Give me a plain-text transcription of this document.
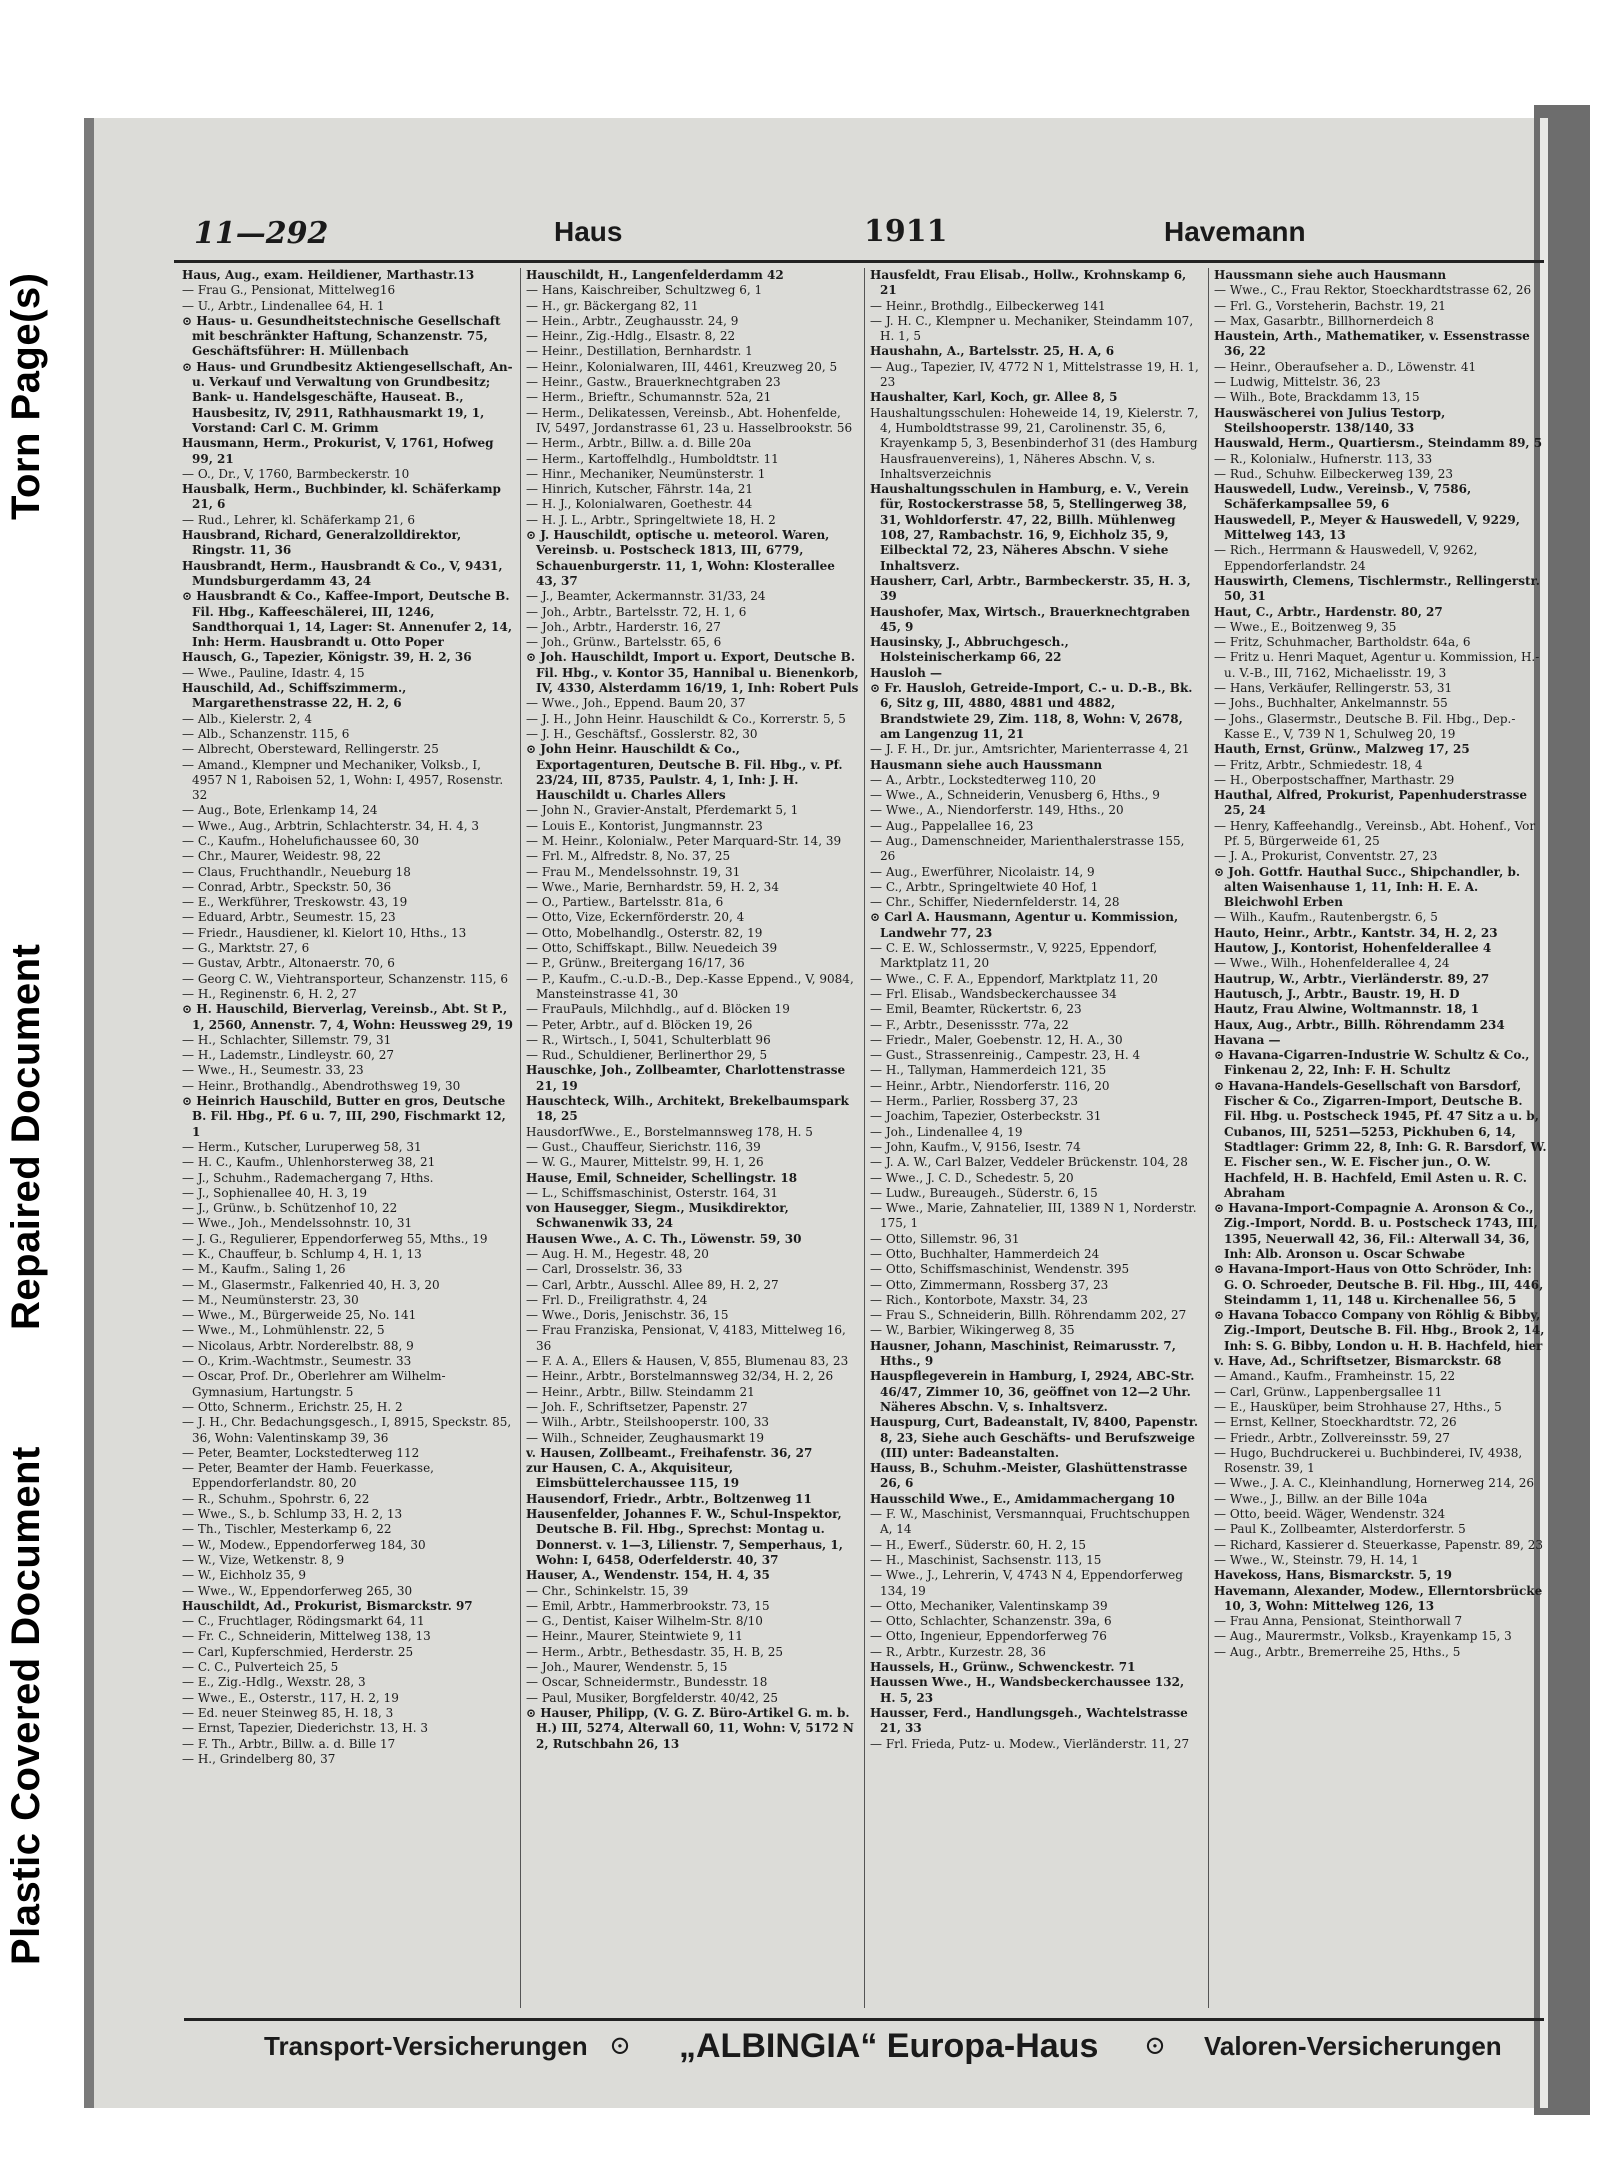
Plastic Covered Document
Repaired Document
Torn Page(s)
11—292	Haus	1911	Havemann

Haus, Aug., exam. Heildiener, Marthastr.13

— Frau G., Pensionat, Mittelweg16

— U., Arbtr., Lindenallee 64, H. 1

⊙ Haus- u. Gesundheitstechnische Gesellschaft mit beschränkter Haftung, Schanzenstr. 75, Geschäftsführer: H. Müllenbach

⊙ Haus- und Grundbesitz Aktiengesellschaft, An- u. Verkauf und Verwaltung von Grundbesitz; Bank- u. Handelsgeschäfte, Hauseat. B., Hausbesitz, IV, 2911, Rathhausmarkt 19, 1, Vorstand: Carl C. M. Grimm

Hausmann, Herm., Prokurist, V, 1761, Hofweg 99, 21

— O., Dr., V, 1760, Barmbeckerstr. 10

Hausbalk, Herm., Buchbinder, kl. Schäferkamp 21, 6

— Rud., Lehrer, kl. Schäferkamp 21, 6

Hausbrand, Richard, Generalzolldirektor, Ringstr. 11, 36

Hausbrandt, Herm., Hausbrandt & Co., V, 9431, Mundsburgerdamm 43, 24

⊙ Hausbrandt & Co., Kaffee-Import, Deutsche B. Fil. Hbg., Kaffeeschälerei, III, 1246, Sandthorquai 1, 14, Lager: St. Annenufer 2, 14, Inh: Herm. Hausbrandt u. Otto Poper

Hausch, G., Tapezier, Königstr. 39, H. 2, 36

— Wwe., Pauline, Idastr. 4, 15

Hauschild, Ad., Schiffszimmerm., Margarethenstrasse 22, H. 2, 6

— Alb., Kielerstr. 2, 4

— Alb., Schanzenstr. 115, 6

— Albrecht, Obersteward, Rellingerstr. 25

— Amand., Klempner und Mechaniker, Volksb., I, 4957 N 1, Raboisen 52, 1, Wohn: I, 4957, Rosenstr. 32

— Aug., Bote, Erlenkamp 14, 24

— Wwe., Aug., Arbtrin, Schlachterstr. 34, H. 4, 3

— C., Kaufm., Hohelufichaussee 60, 30

— Chr., Maurer, Weidestr. 98, 22

— Claus, Fruchthandlr., Neueburg 18

— Conrad, Arbtr., Speckstr. 50, 36

— E., Werkführer, Treskowstr. 43, 19

— Eduard, Arbtr., Seumestr. 15, 23

— Friedr., Hausdiener, kl. Kielort 10, Hths., 13

— G., Marktstr. 27, 6

— Gustav, Arbtr., Altonaerstr. 70, 6

— Georg C. W., Viehtransporteur, Schanzenstr. 115, 6

— H., Reginenstr. 6, H. 2, 27

⊙ H. Hauschild, Bierverlag, Vereinsb., Abt. St P., 1, 2560, Annenstr. 7, 4, Wohn: Heussweg 29, 19

— H., Schlachter, Sillemstr. 79, 31

— H., Lademstr., Lindleystr. 60, 27

— Wwe., H., Seumestr. 33, 23

— Heinr., Brothandlg., Abendrothsweg 19, 30

⊙ Heinrich Hauschild, Butter en gros, Deutsche B. Fil. Hbg., Pf. 6 u. 7, III, 290, Fischmarkt 12, 1

— Herm., Kutscher, Luruperweg 58, 31

— H. C., Kaufm., Uhlenhorsterweg 38, 21

— J., Schuhm., Rademachergang 7, Hths.

— J., Sophienallee 40, H. 3, 19

— J., Grünw., b. Schützenhof 10, 22

— Wwe., Joh., Mendelssohnstr. 10, 31

— J. G., Regulierer, Eppendorferweg 55, Mths., 19

— K., Chauffeur, b. Schlump 4, H. 1, 13

— M., Kaufm., Saling 1, 26

— M., Glasermstr., Falkenried 40, H. 3, 20

— M., Neumünsterstr. 23, 30

— Wwe., M., Bürgerweide 25, No. 141

— Wwe., M., Lohmühlenstr. 22, 5

— Nicolaus, Arbtr. Norderelbstr. 88, 9

— O., Krim.-Wachtmstr., Seumestr. 33

— Oscar, Prof. Dr., Oberlehrer am Wilhelm-Gymnasium, Hartungstr. 5

— Otto, Schnerm., Erichstr. 25, H. 2

— J. H., Chr. Bedachungsgesch., I, 8915, Speckstr. 85, 36, Wohn: Valentinskamp 39, 36

— Peter, Beamter, Lockstedterweg 112

— Peter, Beamter der Hamb. Feuerkasse, Eppendorferlandstr. 80, 20

— R., Schuhm., Spohrstr. 6, 22

— Wwe., S., b. Schlump 33, H. 2, 13

— Th., Tischler, Mesterkamp 6, 22

— W., Modew., Eppendorferweg 184, 30

— W., Vize, Wetkenstr. 8, 9

— W., Eichholz 35, 9

— Wwe., W., Eppendorferweg 265, 30

Hauschildt, Ad., Prokurist, Bismarckstr. 97

— C., Fruchtlager, Rödingsmarkt 64, 11

— Fr. C., Schneiderin, Mittelweg 138, 13

— Carl, Kupferschmied, Herderstr. 25

— C. C., Pulverteich 25, 5

— E., Zig.-Hdlg., Wexstr. 28, 3

— Wwe., E., Osterstr., 117, H. 2, 19

— Ed. neuer Steinweg 85, H. 18, 3

— Ernst, Tapezier, Diederichstr. 13, H. 3

— F. Th., Arbtr., Billw. a. d. Bille 17

— H., Grindelberg 80, 37

Hauschildt, H., Langenfelderdamm 42

— Hans, Kaischreiber, Schultzweg 6, 1

— H., gr. Bäckergang 82, 11

— Hein., Arbtr., Zeughausstr. 24, 9

— Heinr., Zig.-Hdlg., Elsastr. 8, 22

— Heinr., Destillation, Bernhardstr. 1

— Heinr., Kolonialwaren, III, 4461, Kreuzweg 20, 5

— Heinr., Gastw., Brauerknechtgraben 23

— Herm., Brieftr., Schumannstr. 52a, 21

— Herm., Delikatessen, Vereinsb., Abt. Hohenfelde, IV, 5497, Jordanstrasse 61, 23 u. Hasselbrookstr. 56

— Herm., Arbtr., Billw. a. d. Bille 20a

— Herm., Kartoffelhdlg., Humboldtstr. 11

— Hinr., Mechaniker, Neumünsterstr. 1

— Hinrich, Kutscher, Fährstr. 14a, 21

— H. J., Kolonialwaren, Goethestr. 44

— H. J. L., Arbtr., Springeltwiete 18, H. 2

⊙ J. Hauschildt, optische u. meteorol. Waren, Vereinsb. u. Postscheck 1813, III, 6779, Schauenburgerstr. 11, 1, Wohn: Klosterallee 43, 37

— J., Beamter, Ackermannstr. 31/33, 24

— Joh., Arbtr., Bartelsstr. 72, H. 1, 6

— Joh., Arbtr., Harderstr. 16, 27

— Joh., Grünw., Bartelsstr. 65, 6

⊙ Joh. Hauschildt, Import u. Export, Deutsche B. Fil. Hbg., v. Kontor 35, Hannibal u. Bienenkorb, IV, 4330, Alsterdamm 16/19, 1, Inh: Robert Puls

— Wwe., Joh., Eppend. Baum 20, 37

— J. H., John Heinr. Hauschildt & Co., Korrerstr. 5, 5

— J. H., Geschäftsf., Gosslerstr. 82, 30

⊙ John Heinr. Hauschildt & Co., Exportagenturen, Deutsche B. Fil. Hbg., v. Pf. 23/24, III, 8735, Paulstr. 4, 1, Inh: J. H. Hauschildt u. Charles Allers

— John N., Gravier-Anstalt, Pferdemarkt 5, 1

— Louis E., Kontorist, Jungmannstr. 23

— M. Heinr., Kolonialw., Peter Marquard-Str. 14, 39

— Frl. M., Alfredstr. 8, No. 37, 25

— Frau M., Mendelssohnstr. 19, 31

— Wwe., Marie, Bernhardstr. 59, H. 2, 34

— O., Partiew., Bartelsstr. 81a, 6

— Otto, Vize, Eckernförderstr. 20, 4

— Otto, Mobelhandlg., Osterstr. 82, 19

— Otto, Schiffskapt., Billw. Neuedeich 39

— P., Grünw., Breitergang 16/17, 36

— P., Kaufm., C.-u.D.-B., Dep.-Kasse Eppend., V, 9084, Mansteinstrasse 41, 30

— FrauPauls, Milchhdlg., auf d. Blöcken 19

— Peter, Arbtr., auf d. Blöcken 19, 26

— R., Wirtsch., I, 5041, Schulterblatt 96

— Rud., Schuldiener, Berlinerthor 29, 5

Hauschke, Joh., Zollbeamter, Charlottenstrasse 21, 19

Hauschteck, Wilh., Architekt, Brekelbaumspark 18, 25

HausdorfWwe., E., Borstelmannsweg 178, H. 5

— Gust., Chauffeur, Sierichstr. 116, 39

— W. G., Maurer, Mittelstr. 99, H. 1, 26

Hause, Emil, Schneider, Schellingstr. 18

— L., Schiffsmaschinist, Osterstr. 164, 31

von Hausegger, Siegm., Musikdirektor, Schwanenwik 33, 24

Hausen Wwe., A. C. Th., Löwenstr. 59, 30

— Aug. H. M., Hegestr. 48, 20

— Carl, Drosselstr. 36, 33

— Carl, Arbtr., Ausschl. Allee 89, H. 2, 27

— Frl. D., Freiligrathstr. 4, 24

— Wwe., Doris, Jenischstr. 36, 15

— Frau Franziska, Pensionat, V, 4183, Mittelweg 16, 36

— F. A. A., Ellers & Hausen, V, 855, Blumenau 83, 23

— Heinr., Arbtr., Borstelmannsweg 32/34, H. 2, 26

— Heinr., Arbtr., Billw. Steindamm 21

— Joh. F., Schriftsetzer, Papenstr. 27

— Wilh., Arbtr., Steilshooperstr. 100, 33

— Wilh., Schneider, Zeughausmarkt 19

v. Hausen, Zollbeamt., Freihafenstr. 36, 27

zur Hausen, C. A., Akquisiteur, Eimsbüttelerchaussee 115, 19

Hausendorf, Friedr., Arbtr., Boltzenweg 11

Hausenfelder, Johannes F. W., Schul-Inspektor, Deutsche B. Fil. Hbg., Sprechst: Montag u. Donnerst. v. 1—3, Lilienstr. 7, Semperhaus, 1, Wohn: I, 6458, Oderfelderstr. 40, 37

Hauser, A., Wendenstr. 154, H. 4, 35

— Chr., Schinkelstr. 15, 39

— Emil, Arbtr., Hammerbrookstr. 73, 15

— G., Dentist, Kaiser Wilhelm-Str. 8/10

— Heinr., Maurer, Steintwiete 9, 11

— Herm., Arbtr., Bethesdastr. 35, H. B, 25

— Joh., Maurer, Wendenstr. 5, 15

— Oscar, Schneidermstr., Bundesstr. 18

— Paul, Musiker, Borgfelderstr. 40/42, 25

⊙ Hauser, Philipp, (V. G. Z. Büro-Artikel G. m. b. H.) III, 5274, Alterwall 60, 11, Wohn: V, 5172 N 2, Rutschbahn 26, 13

Hausfeldt, Frau Elisab., Hollw., Krohnskamp 6, 21

— Heinr., Brothdlg., Eilbeckerweg 141

— J. H. C., Klempner u. Mechaniker, Steindamm 107, H. 1, 5

Haushahn, A., Bartelsstr. 25, H. A, 6

— Aug., Tapezier, IV, 4772 N 1, Mittelstrasse 19, H. 1, 23

Haushalter, Karl, Koch, gr. Allee 8, 5

Haushaltungsschulen: Hoheweide 14, 19, Kielerstr. 7, 4, Humboldtstrasse 99, 21, Carolinenstr. 35, 6, Krayenkamp 5, 3, Besenbinderhof 31 (des Hamburg Hausfrauenvereins), 1, Näheres Abschn. V, s. Inhaltsverzeichnis

Haushaltungsschulen in Hamburg, e. V., Verein für, Rostockerstrasse 58, 5, Stellingerweg 38, 31, Wohldorferstr. 47, 22, Billh. Mühlenweg 108, 27, Rambachstr. 16, 9, Eichholz 35, 9, Eilbecktal 72, 23, Näheres Abschn. V siehe Inhaltsverz.

Hausherr, Carl, Arbtr., Barmbeckerstr. 35, H. 3, 39

Haushofer, Max, Wirtsch., Brauerknechtgraben 45, 9

Hausinsky, J., Abbruchgesch., Holsteinischerkamp 66, 22

Hausloh —

⊙ Fr. Hausloh, Getreide-Import, C.- u. D.-B., Bk. 6, Sitz g, III, 4880, 4881 und 4882, Brandstwiete 29, Zim. 118, 8, Wohn: V, 2678, am Langenzug 11, 21

— J. F. H., Dr. jur., Amtsrichter, Marienterrasse 4, 21

Hausmann siehe auch Haussmann

— A., Arbtr., Lockstedterweg 110, 20

— Wwe., A., Schneiderin, Venusberg 6, Hths., 9

— Wwe., A., Niendorferstr. 149, Hths., 20

— Aug., Pappelallee 16, 23

— Aug., Damenschneider, Marienthalerstrasse 155, 26

— Aug., Ewerführer, Nicolaistr. 14, 9

— C., Arbtr., Springeltwiete 40 Hof, 1

— Chr., Schiffer, Niedernfelderstr. 14, 28

⊙ Carl A. Hausmann, Agentur u. Kommission, Landwehr 77, 23

— C. E. W., Schlossermstr., V, 9225, Eppendorf, Marktplatz 11, 20

— Wwe., C. F. A., Eppendorf, Marktplatz 11, 20

— Frl. Elisab., Wandsbeckerchaussee 34

— Emil, Beamter, Rückertstr. 6, 23

— F., Arbtr., Desenissstr. 77a, 22

— Friedr., Maler, Goebenstr. 12, H. A., 30

— Gust., Strassenreinig., Campestr. 23, H. 4

— H., Tallyman, Hammerdeich 121, 35

— Heinr., Arbtr., Niendorferstr. 116, 20

— Herm., Parlier, Rossberg 37, 23

— Joachim, Tapezier, Osterbeckstr. 31

— Joh., Lindenallee 4, 19

— John, Kaufm., V, 9156, Isestr. 74

— J. A. W., Carl Balzer, Veddeler Brückenstr. 104, 28

— Wwe., J. C. D., Schedestr. 5, 20

— Ludw., Bureaugeh., Süderstr. 6, 15

— Wwe., Marie, Zahnatelier, III, 1389 N 1, Norderstr. 175, 1

— Otto, Sillemstr. 96, 31

— Otto, Buchhalter, Hammerdeich 24

— Otto, Schiffsmaschinist, Wendenstr. 395

— Otto, Zimmermann, Rossberg 37, 23

— Rich., Kontorbote, Maxstr. 34, 23

— Frau S., Schneiderin, Billh. Röhrendamm 202, 27

— W., Barbier, Wikingerweg 8, 35

Hausner, Johann, Maschinist, Reimarusstr. 7, Hths., 9

Hauspflegeverein in Hamburg, I, 2924, ABC-Str. 46/47, Zimmer 10, 36, geöffnet von 12—2 Uhr. Näheres Abschn. V, s. Inhaltsverz.

Hauspurg, Curt, Badeanstalt, IV, 8400, Papenstr. 8, 23, Siehe auch Geschäfts- und Berufszweige (III) unter: Badeanstalten.

Hauss, B., Schuhm.-Meister, Glashüttenstrasse 26, 6

Hausschild Wwe., E., Amidammachergang 10

— F. W., Maschinist, Versmannquai, Fruchtschuppen A, 14

— H., Ewerf., Süderstr. 60, H. 2, 15

— H., Maschinist, Sachsenstr. 113, 15

— Wwe., J., Lehrerin, V, 4743 N 4, Eppendorferweg 134, 19

— Otto, Mechaniker, Valentinskamp 39

— Otto, Schlachter, Schanzenstr. 39a, 6

— Otto, Ingenieur, Eppendorferweg 76

— R., Arbtr., Kurzestr. 28, 36

Haussels, H., Grünw., Schwenckestr. 71

Haussen Wwe., H., Wandsbeckerchaussee 132, H. 5, 23

Hausser, Ferd., Handlungsgeh., Wachtelstrasse 21, 33

— Frl. Frieda, Putz- u. Modew., Vierländerstr. 11, 27

Haussmann siehe auch Hausmann

— Wwe., C., Frau Rektor, Stoeckhardtstrasse 62, 26

— Frl. G., Vorsteherin, Bachstr. 19, 21

— Max, Gasarbtr., Billhornerdeich 8

Haustein, Arth., Mathematiker, v. Essenstrasse 36, 22

— Heinr., Oberaufseher a. D., Löwenstr. 41

— Ludwig, Mittelstr. 36, 23

— Wilh., Bote, Brackdamm 13, 15

Hauswäscherei von Julius Testorp, Steilshooperstr. 138/140, 33

Hauswald, Herm., Quartiersm., Steindamm 89, 5

— R., Kolonialw., Hufnerstr. 113, 33

— Rud., Schuhw. Eilbeckerweg 139, 23

Hauswedell, Ludw., Vereinsb., V, 7586, Schäferkampsallee 59, 6

Hauswedell, P., Meyer & Hauswedell, V, 9229, Mittelweg 143, 13

— Rich., Herrmann & Hauswedell, V, 9262, Eppendorferlandstr. 24

Hauswirth, Clemens, Tischlermstr., Rellingerstr. 50, 31

Haut, C., Arbtr., Hardenstr. 80, 27

— Wwe., E., Boitzenweg 9, 35

— Fritz, Schuhmacher, Bartholdstr. 64a, 6

— Fritz u. Henri Maquet, Agentur u. Kommission, H.- u. V.-B., III, 7162, Michaelisstr. 19, 3

— Hans, Verkäufer, Rellingerstr. 53, 31

— Johs., Buchhalter, Ankelmannstr. 55

— Johs., Glasermstr., Deutsche B. Fil. Hbg., Dep.-Kasse E., V, 739 N 1, Schulweg 20, 19

Hauth, Ernst, Grünw., Malzweg 17, 25

— Fritz, Arbtr., Schmiedestr. 18, 4

— H., Oberpostschaffner, Marthastr. 29

Hauthal, Alfred, Prokurist, Papenhuderstrasse 25, 24

— Henry, Kaffeehandlg., Vereinsb., Abt. Hohenf., Vor Pf. 5, Bürgerweide 61, 25

— J. A., Prokurist, Conventstr. 27, 23

⊙ Joh. Gottfr. Hauthal Succ., Shipchandler, b. alten Waisenhause 1, 11, Inh: H. E. A. Bleichwohl Erben

— Wilh., Kaufm., Rautenbergstr. 6, 5

Hauto, Heinr., Arbtr., Kantstr. 34, H. 2, 23

Hautow, J., Kontorist, Hohenfelderallee 4

— Wwe., Wilh., Hohenfelderallee 4, 24

Hautrup, W., Arbtr., Vierländerstr. 89, 27

Hautusch, J., Arbtr., Baustr. 19, H. D

Hautz, Frau Alwine, Woltmannstr. 18, 1

Haux, Aug., Arbtr., Billh. Röhrendamm 234

Havana —

⊙ Havana-Cigarren-Industrie W. Schultz & Co., Finkenau 2, 22, Inh: F. H. Schultz

⊙ Havana-Handels-Gesellschaft von Barsdorf, Fischer & Co., Zigarren-Import, Deutsche B. Fil. Hbg. u. Postscheck 1945, Pf. 47 Sitz a u. b, Cubanos, III, 5251—5253, Pickhuben 6, 14, Stadtlager: Grimm 22, 8, Inh: G. R. Barsdorf, W. E. Fischer sen., W. E. Fischer jun., O. W. Hachfeld, H. B. Hachfeld, Emil Asten u. R. C. Abraham

⊙ Havana-Import-Compagnie A. Aronson & Co., Zig.-Import, Nordd. B. u. Postscheck 1743, III, 1395, Neuerwall 42, 36, Fil.: Alterwall 34, 36, Inh: Alb. Aronson u. Oscar Schwabe

⊙ Havana-Import-Haus von Otto Schröder, Inh: G. O. Schroeder, Deutsche B. Fil. Hbg., III, 446, Steindamm 1, 11, 148 u. Kirchenallee 56, 5

⊙ Havana Tobacco Company von Röhlig & Bibby, Zig.-Import, Deutsche B. Fil. Hbg., Brook 2, 14, Inh: S. G. Bibby, London u. H. B. Hachfeld, hier

v. Have, Ad., Schriftsetzer, Bismarckstr. 68

— Amand., Kaufm., Framheinstr. 15, 22

— Carl, Grünw., Lappenbergsallee 11

— E., Hausküper, beim Strohhause 27, Hths., 5

— Ernst, Kellner, Stoeckhardtstr. 72, 26

— Friedr., Arbtr., Zollvereinsstr. 59, 27

— Hugo, Buchdruckerei u. Buchbinderei, IV, 4938, Rosenstr. 39, 1

— Wwe., J. A. C., Kleinhandlung, Hornerweg 214, 26

— Wwe., J., Billw. an der Bille 104a

— Otto, beeid. Wäger, Wendenstr. 324

— Paul K., Zollbeamter, Alsterdorferstr. 5

— Richard, Kassierer d. Steuerkasse, Papenstr. 89, 23

— Wwe., W., Steinstr. 79, H. 14, 1

Havekoss, Hans, Bismarckstr. 5, 19

Havemann, Alexander, Modew., Ellerntorsbrücke 10, 3, Wohn: Mittelweg 126, 13

— Frau Anna, Pensionat, Steinthorwall 7

— Aug., Maurermstr., Volksb., Krayenkamp 15, 3

— Aug., Arbtr., Bremerreihe 25, Hths., 5

Transport-Versicherungen ⊙ „ALBINGIA“ Europa-Haus ⊙ Valoren-Versicherungen
